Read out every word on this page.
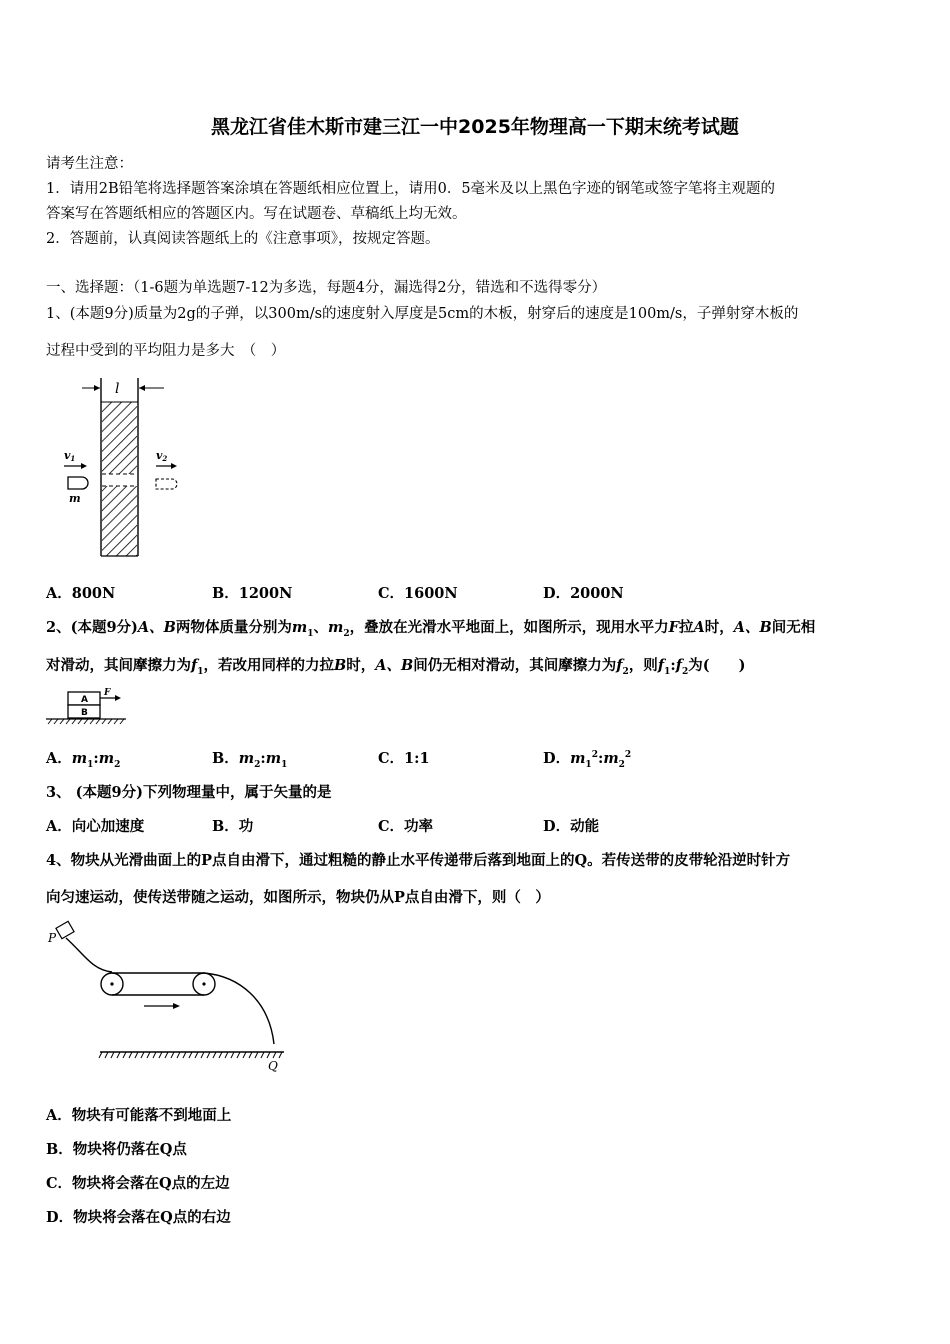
黑龙江省佳木斯市建三江一中2025年物理高一下期末统考试题
请考生注意：
1．请用2B铅笔将选择题答案涂填在答题纸相应位置上，请用0．5毫米及以上黑色字迹的钢笔或签字笔将主观题的
答案写在答题纸相应的答题区内。写在试题卷、草稿纸上均无效。
2．答题前，认真阅读答题纸上的《注意事项》，按规定答题。
一、选择题：（1-6题为单选题7-12为多选，每题4分，漏选得2分，错选和不选得零分）
1、(本题9分)质量为2g的子弹，以300m/s的速度射入厚度是5cm的木板，射穿后的速度是100m/s，子弹射穿木板的
过程中受到的平均阻力是多大　（　）
l
v1
m
v2
A．800N	B．1200N	C．1600N	D．2000N
2、(本题9分)A、B两物体质量分别为$m_1$、$m_2$，叠放在光滑水平地面上，如图所示，现用水平力F拉A时，A、B间无相
对滑动，其间摩擦力为$f_1$，若改用同样的力拉B时，A、B间仍无相对滑动，其间摩擦力为$f_2$，则$f_1:f_2$为(　　)
A
B
F
A．$m_1:m_2$	B．$m_2:m_1$	C．1:1	D．$m_1^2:m_2^2$
3、 (本题9分)下列物理量中，属于矢量的是
A．向心加速度	B．功	C．功率	D．动能
4、物块从光滑曲面上的P点自由滑下，通过粗糙的静止水平传递带后落到地面上的Q。若传送带的皮带轮沿逆时针方
向匀速运动，使传送带随之运动，如图所示，物块仍从P点自由滑下，则（　）
P
Q
A．物块有可能落不到地面上
B．物块将仍落在Q点
C．物块将会落在Q点的左边
D．物块将会落在Q点的右边
